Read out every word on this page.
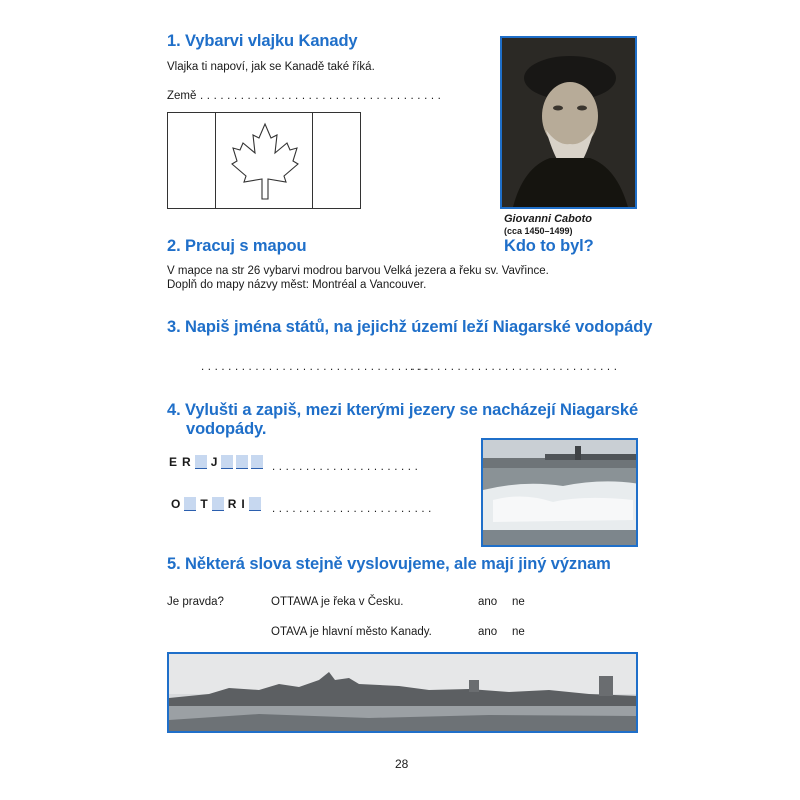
1. Vybarvi vlajku Kanady
Vlajka ti napoví, jak se Kanadě také říká.
Země . . . . . . . . . . . . . . . . . . . . . . . . . . . . . . . . . . . .
Giovanni Caboto
(cca 1450–1499)
Kdo to byl?
2. Pracuj s mapou
V mapce na str 26 vybarvi modrou barvou Velká jezera a řeku sv. Vavřince.
Doplň do mapy názvy měst: Montréal a Vancouver.
3. Napiš jména států, na jejichž území leží Niagarské vodopády
. . . . . . . . . . . . . . . . . . . . . . . . . . . . . . . . . .
. . . . . . . . . . . . . . . . . . . . . . . . . . . . . . .
4. Vylušti a zapiš, mezi kterými jezery se nacházejí Niagarské
vodopády.
E R J	. . . . . . . . . . . . . . . . . . . . . .
O T R I . . . . . . . . . . . . . . . . . . . . . . . .
5. Některá slova stejně vyslovujeme, ale mají jiný význam
Je pravda?	OTTAWA je řeka v Česku.	ano ne
OTAVA je hlavní město Kanady.	ano ne
28
